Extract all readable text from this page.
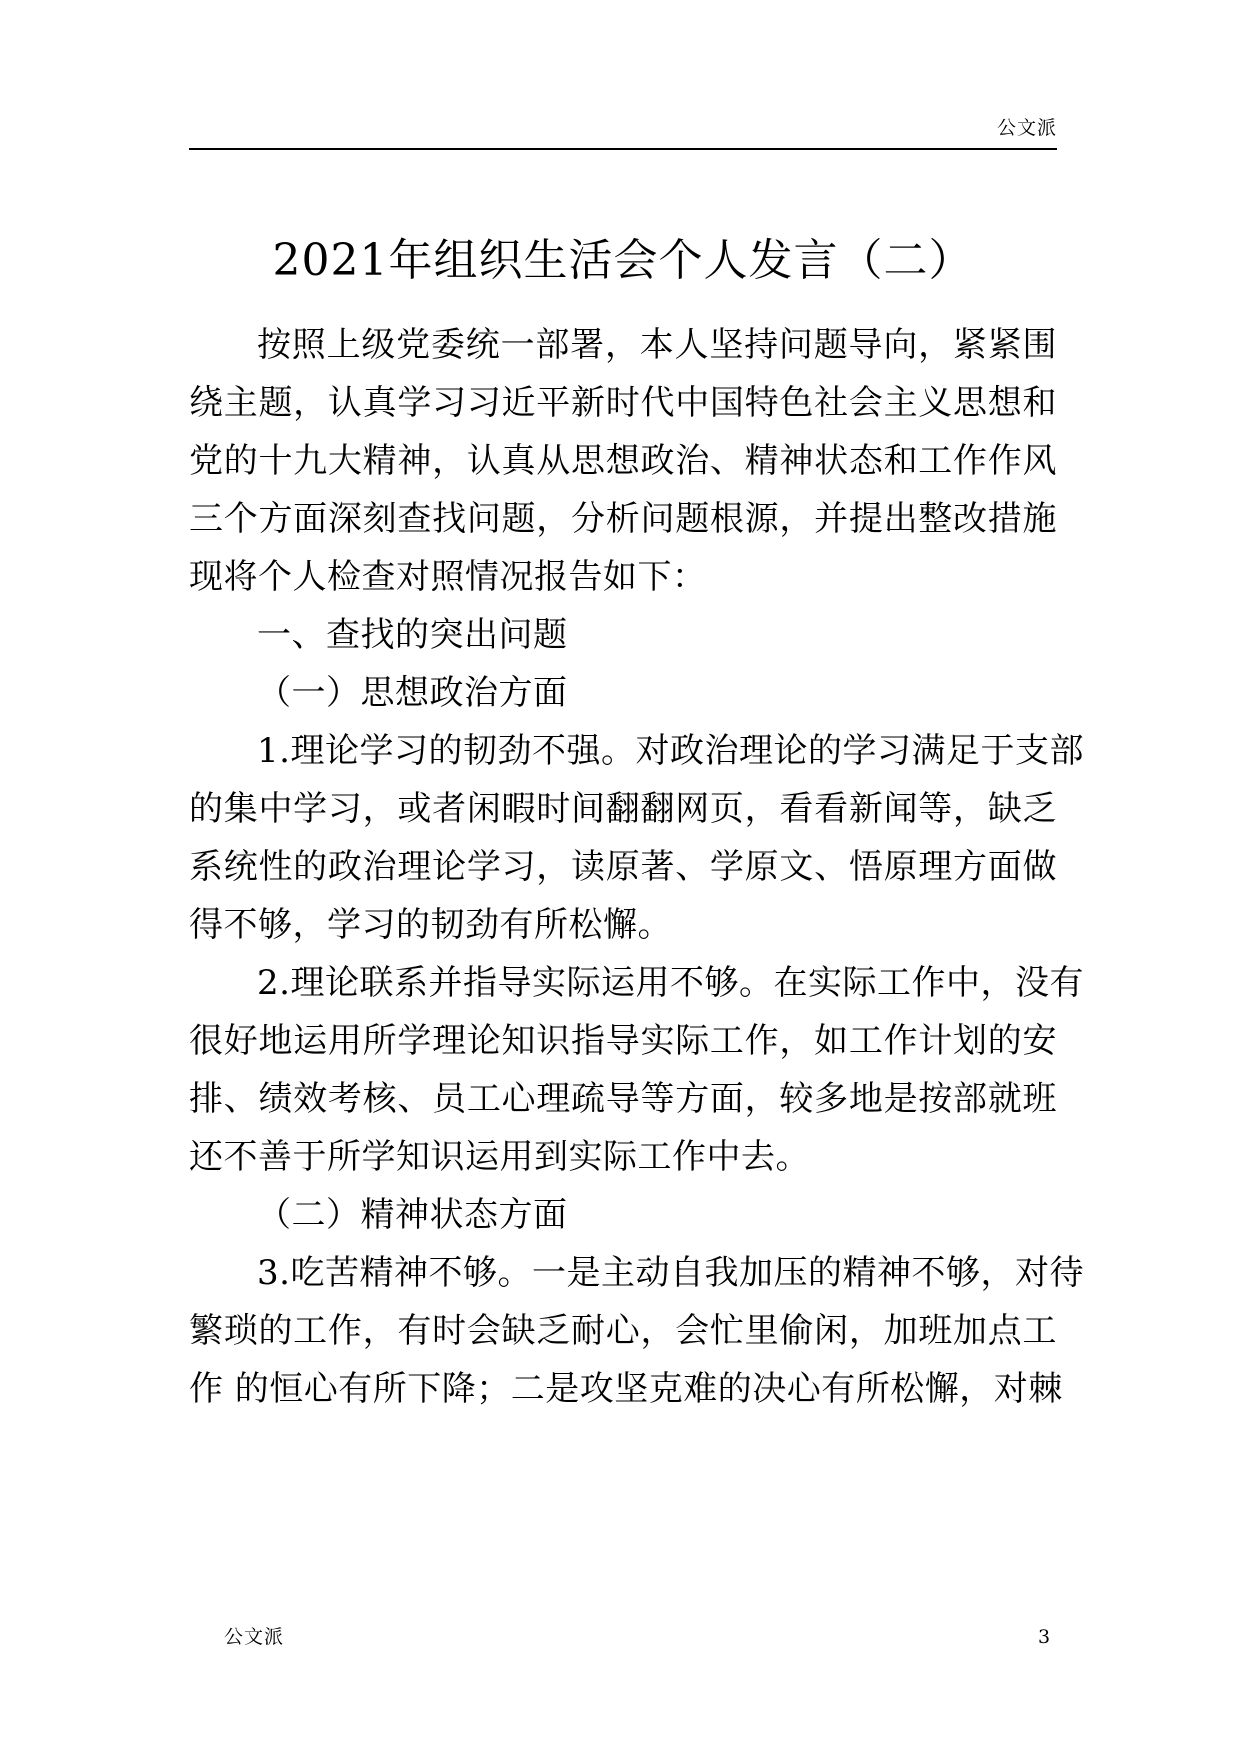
公文派
2021年组织生活会个人发言（二）
按照上级党委统一部署，本人坚持问题导向，紧紧围
绕主题，认真学习习近平新时代中国特色社会主义思想和
党的十九大精神，认真从思想政治、精神状态和工作作风
三个方面深刻查找问题，分析问题根源，并提出整改措施
现将个人检查对照情况报告如下：
一、查找的突出问题
（一）思想政治方面
1.理论学习的韧劲不强。对政治理论的学习满足于支部
的集中学习，或者闲暇时间翻翻网页，看看新闻等，缺乏
系统性的政治理论学习，读原著、学原文、悟原理方面做
得不够，学习的韧劲有所松懈。
2.理论联系并指导实际运用不够。在实际工作中，没有
很好地运用所学理论知识指导实际工作，如工作计划的安
排、绩效考核、员工心理疏导等方面，较多地是按部就班
还不善于所学知识运用到实际工作中去。
（二）精神状态方面
3.吃苦精神不够。一是主动自我加压的精神不够，对待
繁琐的工作，有时会缺乏耐心，会忙里偷闲，加班加点工
作 的恒心有所下降；二是攻坚克难的决心有所松懈，对棘
公文派	3
